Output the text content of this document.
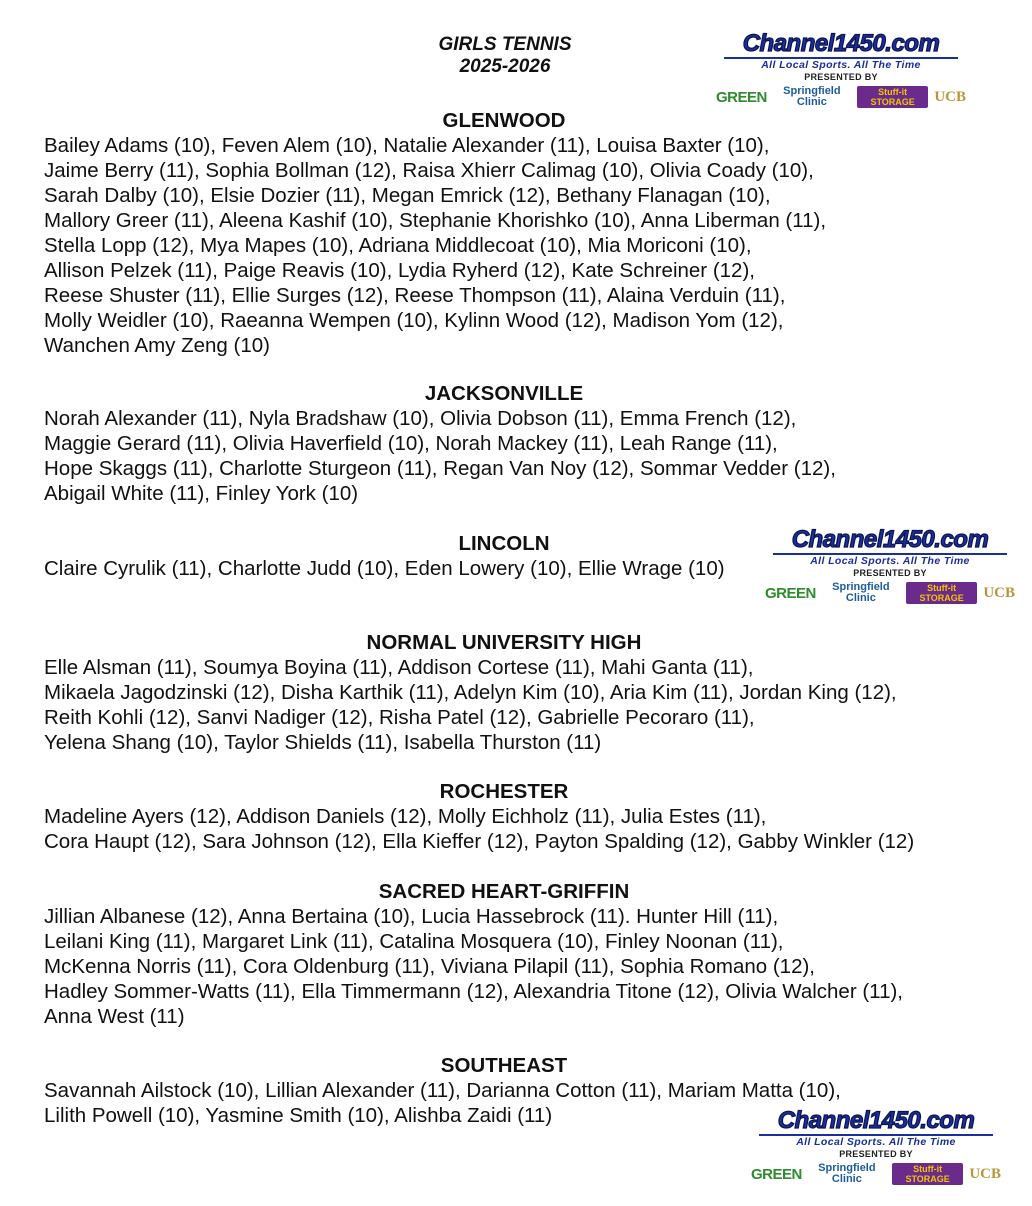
GIRLS TENNIS
2025-2026
Channel1450.com
All Local Sports. All The Time
PRESENTED BY
GREEN	Springfield Clinic
Stuff-it STORAGE	UCB
GLENWOOD
Bailey Adams (10), Feven Alem (10), Natalie Alexander (11), Louisa Baxter (10),
Jaime Berry (11), Sophia Bollman (12), Raisa Xhierr Calimag (10), Olivia Coady (10),
Sarah Dalby (10), Elsie Dozier (11), Megan Emrick (12), Bethany Flanagan (10),
Mallory Greer (11), Aleena Kashif (10), Stephanie Khorishko (10), Anna Liberman (11),
Stella Lopp (12), Mya Mapes (10), Adriana Middlecoat (10), Mia Moriconi (10),
Allison Pelzek (11), Paige Reavis (10), Lydia Ryherd (12), Kate Schreiner (12),
Reese Shuster (11), Ellie Surges (12), Reese Thompson (11), Alaina Verduin (11),
Molly Weidler (10), Raeanna Wempen (10), Kylinn Wood (12), Madison Yom (12),
Wanchen Amy Zeng (10)
JACKSONVILLE
Norah Alexander (11), Nyla Bradshaw (10), Olivia Dobson (11), Emma French (12),
Maggie Gerard (11), Olivia Haverfield (10), Norah Mackey (11), Leah Range (11),
Hope Skaggs (11), Charlotte Sturgeon (11), Regan Van Noy (12), Sommar Vedder (12),
Abigail White (11), Finley York (10)
LINCOLN
Claire Cyrulik (11), Charlotte Judd (10), Eden Lowery (10), Ellie Wrage (10)
Channel1450.com
All Local Sports. All The Time
PRESENTED BY
GREEN	Springfield Clinic
Stuff-it STORAGE	UCB
NORMAL UNIVERSITY HIGH
Elle Alsman (11), Soumya Boyina (11), Addison Cortese (11), Mahi Ganta (11),
Mikaela Jagodzinski (12), Disha Karthik (11), Adelyn Kim (10), Aria Kim (11), Jordan King (12),
Reith Kohli (12), Sanvi Nadiger (12), Risha Patel (12), Gabrielle Pecoraro (11),
Yelena Shang (10), Taylor Shields (11), Isabella Thurston (11)
ROCHESTER
Madeline Ayers (12), Addison Daniels (12), Molly Eichholz (11), Julia Estes (11),
Cora Haupt (12), Sara Johnson (12), Ella Kieffer (12), Payton Spalding (12), Gabby Winkler (12)
SACRED HEART-GRIFFIN
Jillian Albanese (12), Anna Bertaina (10), Lucia Hassebrock (11). Hunter Hill (11),
Leilani King (11), Margaret Link (11), Catalina Mosquera (10), Finley Noonan (11),
McKenna Norris (11), Cora Oldenburg (11), Viviana Pilapil (11), Sophia Romano (12),
Hadley Sommer-Watts (11), Ella Timmermann (12), Alexandria Titone (12), Olivia Walcher (11),
Anna West (11)
SOUTHEAST
Savannah Ailstock (10), Lillian Alexander (11), Darianna Cotton (11), Mariam Matta (10),
Lilith Powell (10), Yasmine Smith (10), Alishba Zaidi (11)	Channel1450.com
All Local Sports. All The Time
PRESENTED BY
GREEN	Springfield Clinic
Stuff-it STORAGE	UCB
